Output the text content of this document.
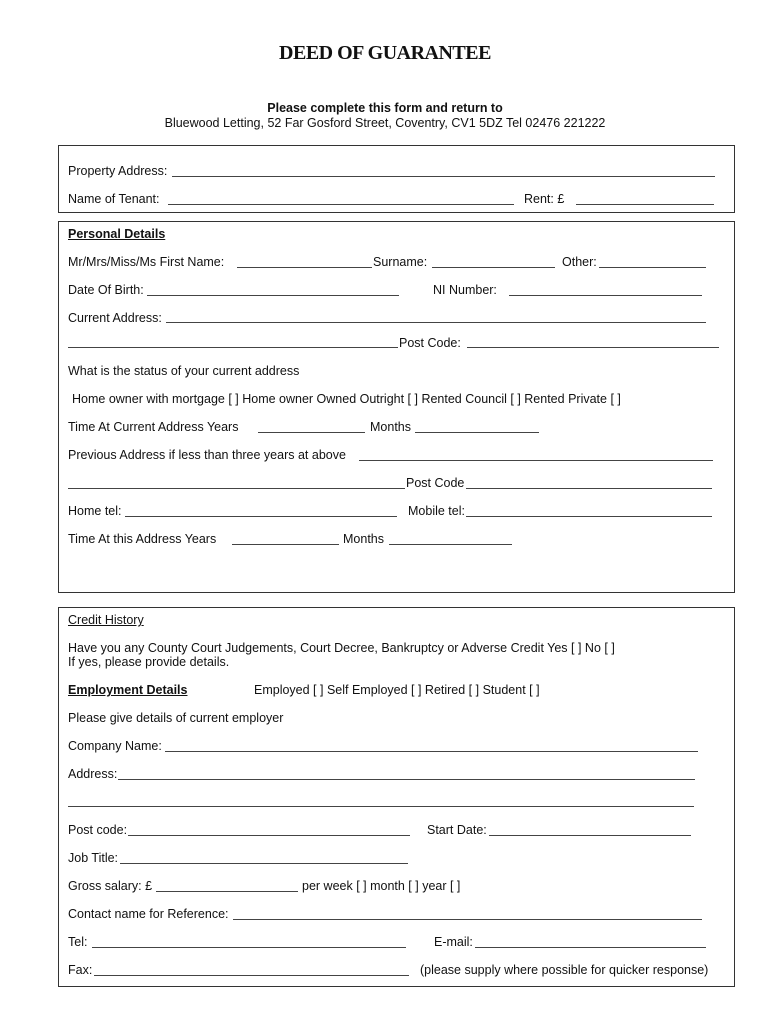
DEED OF GUARANTEE
Please complete this form and return to
Bluewood Letting, 52 Far Gosford Street, Coventry, CV1 5DZ Tel 02476 221222
Property Address:
Name of Tenant:	Rent: £
Personal Details
Mr/Mrs/Miss/Ms First Name:	Surname:	Other:
Date Of Birth:	NI Number:
Current Address:
Post Code:
What is the status of your current address
Home owner with mortgage [ ] Home owner Owned Outright [ ] Rented Council [ ] Rented Private [ ]
Time At Current Address Years	Months
Previous Address if less than three years at above
Post Code
Home tel:	Mobile tel:
Time At this Address Years	Months
Credit History
Have you any County Court Judgements, Court Decree, Bankruptcy or Adverse Credit Yes [ ] No [ ]
If yes, please provide details.
Employment Details	Employed [ ] Self Employed [ ] Retired [ ] Student [ ]
Please give details of current employer
Company Name:
Address:
Post code:	Start Date:
Job Title:
Gross salary: £	per week [ ] month [ ] year [ ]
Contact name for Reference:
Tel:	E-mail:
Fax:	(please supply where possible for quicker response)
